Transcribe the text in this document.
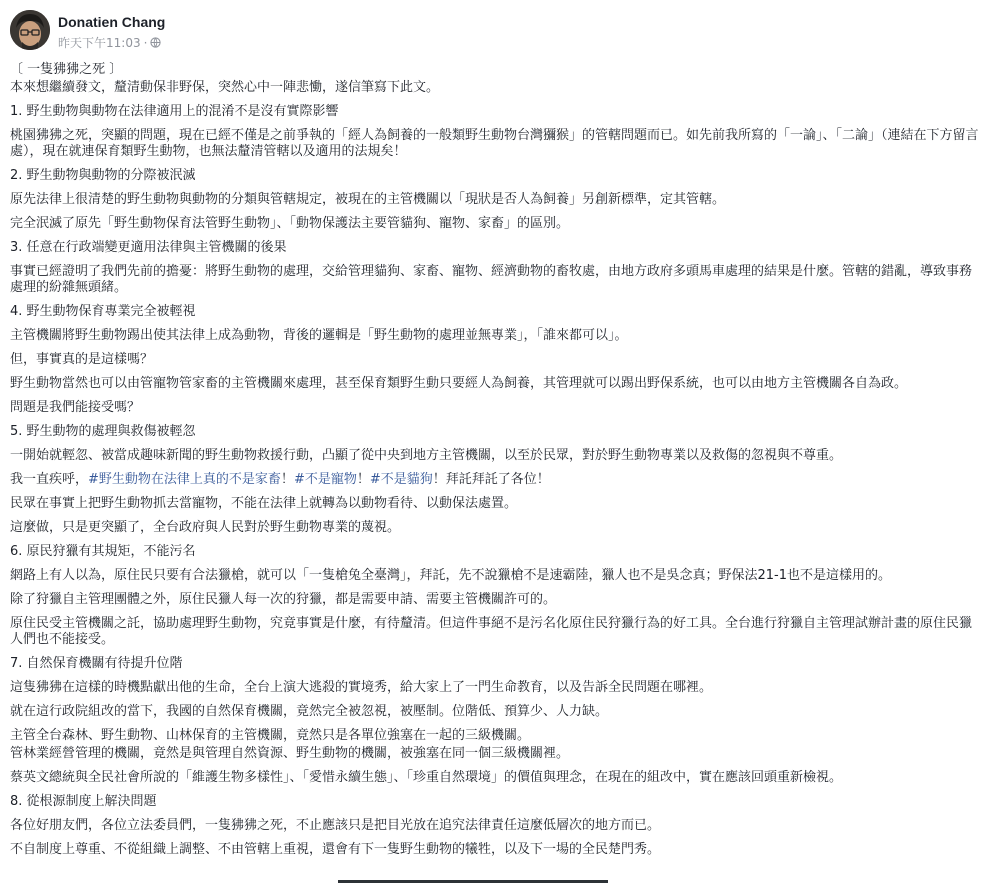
Donatien Chang
昨天下午11:03 ·

〔 一隻狒狒之死 〕

本來想繼續發文，釐清動保非野保，突然心中一陣悲慟，遂信筆寫下此文。

1. 野生動物與動物在法律適用上的混淆不是沒有實際影響

桃園狒狒之死，突顯的問題，現在已經不僅是之前爭執的「經人為飼養的一般類野生動物台灣獼猴」的管轄問題而已。如先前我所寫的「一論」、「二論」（連結在下方留言處），現在就連保育類野生動物，也無法釐清管轄以及適用的法規矣！

2. 野生動物與動物的分際被泯滅

原先法律上很清楚的野生動物與動物的分類與管轄規定，被現在的主管機關以「現狀是否人為飼養」另創新標準，定其管轄。

完全泯滅了原先「野生動物保育法管野生動物」、「動物保護法主要管貓狗、寵物、家畜」的區別。

3. 任意在行政端變更適用法律與主管機關的後果

事實已經證明了我們先前的擔憂：將野生動物的處理，交給管理貓狗、家畜、寵物、經濟動物的畜牧處，由地方政府多頭馬車處理的結果是什麼。管轄的錯亂，導致事務處理的紛雜無頭緒。

4. 野生動物保育專業完全被輕視

主管機關將野生動物踢出使其法律上成為動物，背後的邏輯是「野生動物的處理並無專業」，「誰來都可以」。

但，事實真的是這樣嗎？

野生動物當然也可以由管寵物管家畜的主管機關來處理，甚至保育類野生動只要經人為飼養，其管理就可以踢出野保系統，也可以由地方主管機關各自為政。

問題是我們能接受嗎？

5. 野生動物的處理與救傷被輕忽

一開始就輕忽、被當成趣味新聞的野生動物救援行動，凸顯了從中央到地方主管機關，以至於民眾，對於野生動物專業以及救傷的忽視與不尊重。

我一直疾呼，#野生動物在法律上真的不是家畜！#不是寵物！#不是貓狗！拜託拜託了各位！

民眾在事實上把野生動物抓去當寵物，不能在法律上就轉為以動物看待、以動保法處置。

這麼做，只是更突顯了，全台政府與人民對於野生動物專業的蔑視。

6. 原民狩獵有其規矩，不能污名

網路上有人以為，原住民只要有合法獵槍，就可以「一隻槍兔全臺灣」，拜託，先不說獵槍不是速霸陸，獵人也不是吳念真；野保法21-1也不是這樣用的。

除了狩獵自主管理團體之外，原住民獵人每一次的狩獵，都是需要申請、需要主管機關許可的。

原住民受主管機關之託，協助處理野生動物，究竟事實是什麼，有待釐清。但這件事絕不是污名化原住民狩獵行為的好工具。全台進行狩獵自主管理試辦計畫的原住民獵人們也不能接受。

7. 自然保育機關有待提升位階

這隻狒狒在這樣的時機點獻出他的生命，全台上演大逃殺的實境秀，給大家上了一門生命教育，以及告訴全民問題在哪裡。

就在這行政院組改的當下，我國的自然保育機關，竟然完全被忽視，被壓制。位階低、預算少、人力缺。

主管全台森林、野生動物、山林保育的主管機關，竟然只是各單位強塞在一起的三級機關。

管林業經營管理的機關，竟然是與管理自然資源、野生動物的機關，被強塞在同一個三級機關裡。

蔡英文總統與全民社會所說的「維護生物多樣性」、「愛惜永續生態」、「珍重自然環境」的價值與理念，在現在的組改中，實在應該回頭重新檢視。

8. 從根源制度上解決問題

各位好朋友們，各位立法委員們，一隻狒狒之死，不止應該只是把目光放在追究法律責任這麼低層次的地方而已。

不自制度上尊重、不從組織上調整、不由管轄上重視，還會有下一隻野生動物的犧牲，以及下一場的全民楚門秀。
